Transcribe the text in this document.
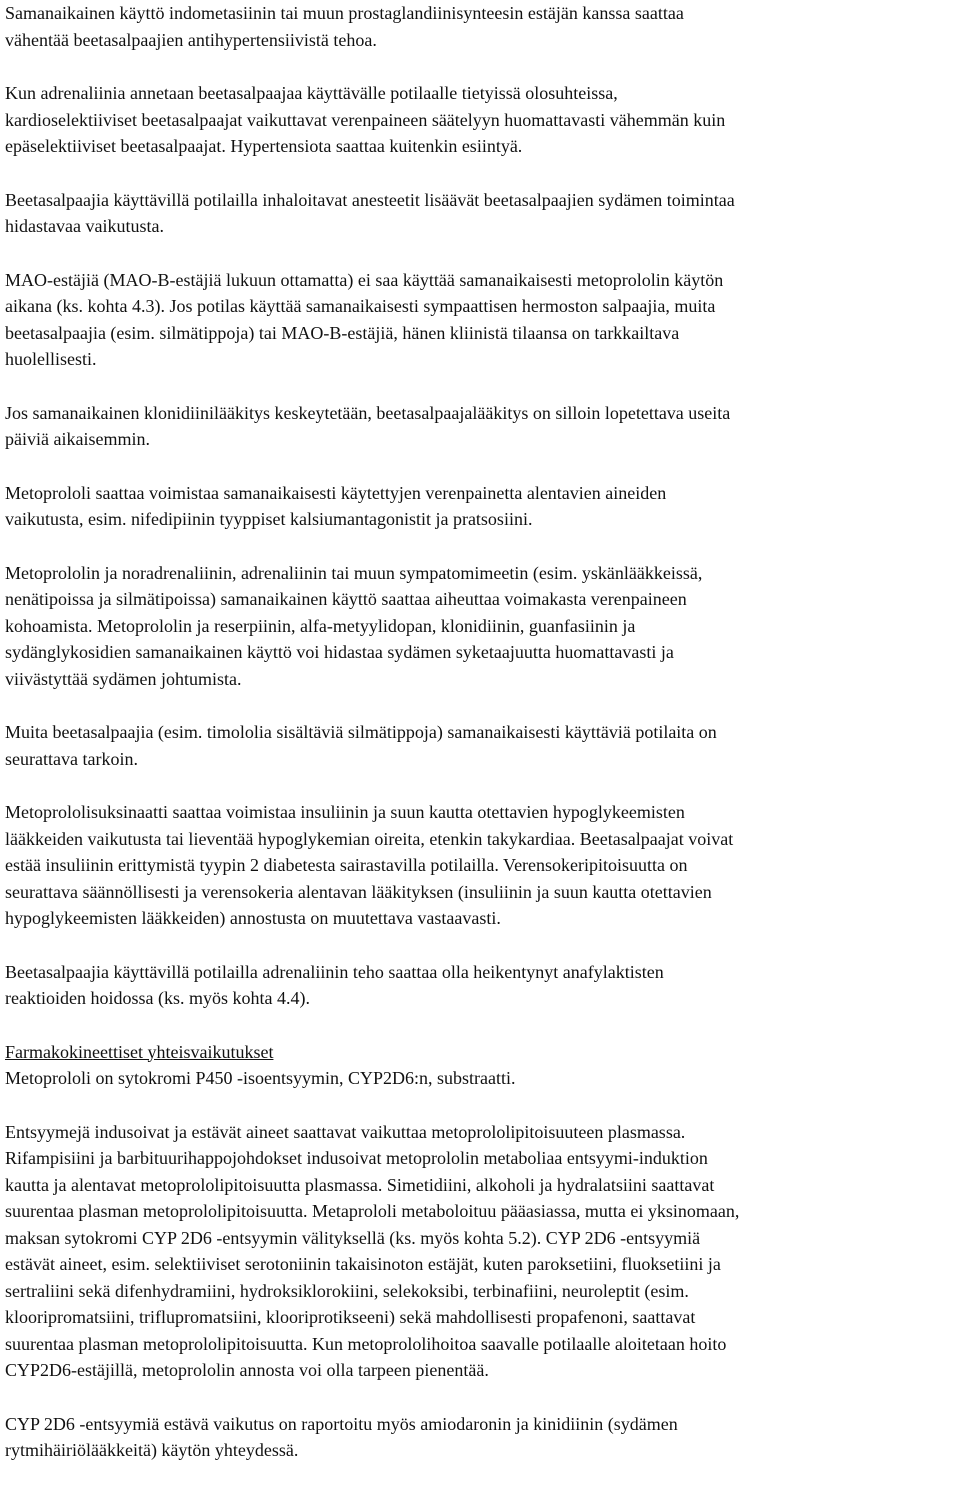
Samanaikainen käyttö indometasiinin tai muun prostaglandiinisynteesin estäjän kanssa saattaa
vähentää beetasalpaajien antihypertensiivistä tehoa.
Kun adrenaliinia annetaan beetasalpaajaa käyttävälle potilaalle tietyissä olosuhteissa,
kardioselektiiviset beetasalpaajat vaikuttavat verenpaineen säätelyyn huomattavasti vähemmän kuin
epäselektiiviset beetasalpaajat. Hypertensiota saattaa kuitenkin esiintyä.
Beetasalpaajia käyttävillä potilailla inhaloitavat anesteetit lisäävät beetasalpaajien sydämen toimintaa
hidastavaa vaikutusta.
MAO-estäjiä (MAO-B-estäjiä lukuun ottamatta) ei saa käyttää samanaikaisesti metoprololin käytön
aikana (ks. kohta 4.3). Jos potilas käyttää samanaikaisesti sympaattisen hermoston salpaajia, muita
beetasalpaajia (esim. silmätippoja) tai MAO-B-estäjiä, hänen kliinistä tilaansa on tarkkailtava
huolellisesti.
Jos samanaikainen klonidiinilääkitys keskeytetään, beetasalpaajalääkitys on silloin lopetettava useita
päiviä aikaisemmin.
Metoprololi saattaa voimistaa samanaikaisesti käytettyjen verenpainetta alentavien aineiden
vaikutusta, esim. nifedipiinin tyyppiset kalsiumantagonistit ja pratsosiini.
Metoprololin ja noradrenaliinin, adrenaliinin tai muun sympatomimeetin (esim. yskänlääkkeissä,
nenätipoissa ja silmätipoissa) samanaikainen käyttö saattaa aiheuttaa voimakasta verenpaineen
kohoamista. Metoprololin ja reserpiinin, alfa-metyylidopan, klonidiinin, guanfasiinin ja
sydänglykosidien samanaikainen käyttö voi hidastaa sydämen syketaajuutta huomattavasti ja
viivästyttää sydämen johtumista.
Muita beetasalpaajia (esim. timololia sisältäviä silmätippoja) samanaikaisesti käyttäviä potilaita on
seurattava tarkoin.
Metoprololisuksinaatti saattaa voimistaa insuliinin ja suun kautta otettavien hypoglykeemisten
lääkkeiden vaikutusta tai lieventää hypoglykemian oireita, etenkin takykardiaa. Beetasalpaajat voivat
estää insuliinin erittymistä tyypin 2 diabetesta sairastavilla potilailla. Verensokeripitoisuutta on
seurattava säännöllisesti ja verensokeria alentavan lääkityksen (insuliinin ja suun kautta otettavien
hypoglykeemisten lääkkeiden) annostusta on muutettava vastaavasti.
Beetasalpaajia käyttävillä potilailla adrenaliinin teho saattaa olla heikentynyt anafylaktisten
reaktioiden hoidossa (ks. myös kohta 4.4).
Farmakokineettiset yhteisvaikutukset
Metoprololi on sytokromi P450 -isoentsyymin, CYP2D6:n, substraatti.
Entsyymejä indusoivat ja estävät aineet saattavat vaikuttaa metoprololipitoisuuteen plasmassa.
Rifampisiini ja barbituurihappojohdokset indusoivat metoprololin metaboliaa entsyymi-induktion
kautta ja alentavat metoprololipitoisuutta plasmassa. Simetidiini, alkoholi ja hydralatsiini saattavat
suurentaa plasman metoprololipitoisuutta. Metaprololi metaboloituu pääasiassa, mutta ei yksinomaan,
maksan sytokromi CYP 2D6 -entsyymin välityksellä (ks. myös kohta 5.2). CYP 2D6 -entsyymiä
estävät aineet, esim. selektiiviset serotoniinin takaisinoton estäjät, kuten paroksetiini, fluoksetiini ja
sertraliini sekä difenhydramiini, hydroksiklorokiini, selekoksibi, terbinafiini, neuroleptit (esim.
klooripromatsiini, triflupromatsiini, klooriprotikseeni) sekä mahdollisesti propafenoni, saattavat
suurentaa plasman metoprololipitoisuutta. Kun metoprololihoitoa saavalle potilaalle aloitetaan hoito
CYP2D6-estäjillä, metoprololin annosta voi olla tarpeen pienentää.
CYP 2D6 -entsyymiä estävä vaikutus on raportoitu myös amiodaronin ja kinidiinin (sydämen
rytmihäiriölääkkeitä) käytön yhteydessä.
